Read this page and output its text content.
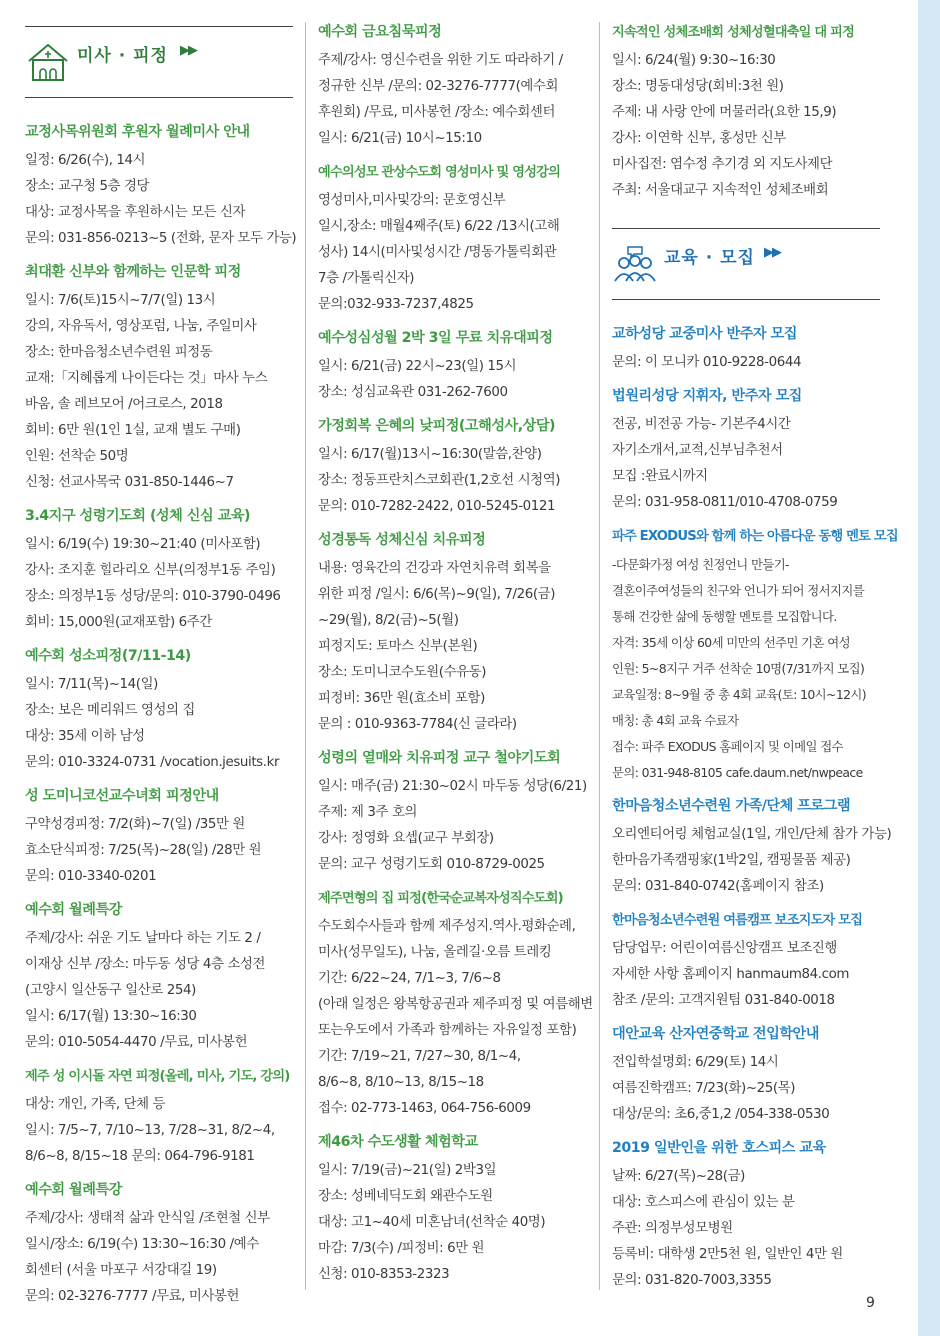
미사 · 피정 ▶▶
교정사목위원회 후원자 월례미사 안내
일정: 6/26(수), 14시
장소: 교구청 5층 경당
대상: 교정사목을 후원하시는 모든 신자
문의: 031-856-0213~5 (전화, 문자 모두 가능)
최대환 신부와 함께하는 인문학 피정
일시: 7/6(토)15시~7/7(일) 13시
강의, 자유독서, 영상포럼, 나눔, 주일미사
장소: 한마음청소년수련원 피정동
교재:「지혜롭게 나이든다는 것」마사 누스
바움, 솔 레브모어 /어크로스, 2018
회비: 6만 원(1인 1실, 교재 별도 구매)
인원: 선착순 50명
신청: 선교사목국 031-850-1446~7
3.4지구 성령기도회 (성체 신심 교육)
일시: 6/19(수) 19:30~21:40 (미사포함)
강사: 조지훈 힐라리오 신부(의정부1동 주임)
장소: 의정부1동 성당/문의: 010-3790-0496
회비: 15,000원(교재포함) 6주간
예수회 성소피정(7/11-14)
일시: 7/11(목)~14(일)
장소: 보은 메리워드 영성의 집
대상: 35세 이하 남성
문의: 010-3324-0731 /vocation.jesuits.kr
성 도미니코선교수녀회 피정안내
구약성경피정: 7/2(화)~7(일) /35만 원
효소단식피정: 7/25(목)~28(일) /28만 원
문의: 010-3340-0201
예수회 월례특강
주제/강사: 쉬운 기도 날마다 하는 기도 2 /
이재상 신부 /장소: 마두동 성당 4층 소성전
(고양시 일산동구 일산로 254)
일시: 6/17(월) 13:30~16:30
문의: 010-5054-4470 /무료, 미사봉헌
제주 성 이시돌 자연 피정(올레, 미사, 기도, 강의)
대상: 개인, 가족, 단체 등
일시: 7/5~7, 7/10~13, 7/28~31, 8/2~4,
8/6~8, 8/15~18 문의: 064-796-9181
예수회 월례특강
주제/강사: 생태적 삶과 안식일 /조현철 신부
일시/장소: 6/19(수) 13:30~16:30 /예수
회센터 (서울 마포구 서강대길 19)
문의: 02-3276-7777 /무료, 미사봉헌
예수회 금요침묵피정
주제/강사: 영신수련을 위한 기도 따라하기 /
정규한 신부 /문의: 02-3276-7777(예수회
후원회) /무료, 미사봉헌 /장소: 예수회센터
일시: 6/21(금) 10시~15:10
예수의성모 관상수도회 영성미사 및 영성강의
영성미사,미사및강의: 문호영신부
일시,장소: 매월4째주(토) 6/22 /13시(고해
성사) 14시(미사및성시간 /명동가톨릭회관
7층 /가톨릭신자)
문의:032-933-7237,4825
예수성심성월 2박 3일 무료 치유대피정
일시: 6/21(금) 22시~23(일) 15시
장소: 성심교육관 031-262-7600
가정회복 은혜의 낮피정(고해성사,상담)
일시: 6/17(월)13시~16:30(말씀,찬양)
장소: 정동프란치스코회관(1,2호선 시청역)
문의: 010-7282-2422, 010-5245-0121
성경통독 성체신심 치유피정
내용: 영육간의 건강과 자연치유력 회복을
위한 피정 /일시: 6/6(목)~9(일), 7/26(금)
~29(월), 8/2(금)~5(월)
피정지도: 토마스 신부(본원)
장소: 도미니코수도원(수유동)
피정비: 36만 원(효소비 포함)
문의 : 010-9363-7784(신 글라라)
성령의 열매와 치유피정 교구 철야기도회
일시: 매주(금) 21:30~02시 마두동 성당(6/21)
주제: 제 3주 호의
강사: 정영화 요셉(교구 부회장)
문의: 교구 성령기도회 010-8729-0025
제주면형의 집 피정(한국순교복자성직수도회)
수도회수사들과 함께 제주성지.역사.평화순례,
미사(성무일도), 나눔, 올레길·오름 트레킹
기간: 6/22~24, 7/1~3, 7/6~8
(아래 일정은 왕복항공권과 제주피정 및 여름해변
또는우도에서 가족과 함께하는 자유일정 포함)
기간: 7/19~21, 7/27~30, 8/1~4,
8/6~8, 8/10~13, 8/15~18
접수: 02-773-1463, 064-756-6009
제46차 수도생활 체험학교
일시: 7/19(금)~21(일) 2박3일
장소: 성베네딕도회 왜관수도원
대상: 고1~40세 미혼남녀(선착순 40명)
마감: 7/3(수) /피정비: 6만 원
신청: 010-8353-2323
지속적인 성체조배회 성체성혈대축일 대 피정
일시: 6/24(월) 9:30~16:30
장소: 명동대성당(회비:3천 원)
주제: 내 사랑 안에 머물러라(요한 15,9)
강사: 이연학 신부, 홍성만 신부
미사집전: 염수정 추기경 외 지도사제단
주최: 서울대교구 지속적인 성체조배회
교육 · 모집 ▶▶
교하성당 교중미사 반주자 모집
문의: 이 모니카 010-9228-0644
법원리성당 지휘자, 반주자 모집
전공, 비전공 가능- 기본주4시간
자기소개서,교적,신부님추천서
모집 :완료시까지
문의: 031-958-0811/010-4708-0759
파주 EXODUS와 함께 하는 아름다운 동행 멘토 모집
-다문화가정 여성 친정언니 만들기-
결혼이주여성들의 친구와 언니가 되어 정서지지를
통해 건강한 삶에 동행할 멘토를 모집합니다.
자격: 35세 이상 60세 미만의 선주민 기혼 여성
인원: 5~8지구 거주 선착순 10명(7/31까지 모집)
교육일정: 8~9월 중 총 4회 교육(토: 10시~12시)
매칭: 총 4회 교육 수료자
접수: 파주 EXODUS 홈페이지 및 이메일 접수
문의: 031-948-8105 cafe.daum.net/nwpeace
한마음청소년수련원 가족/단체 프로그램
오리엔티어링 체험교실(1일, 개인/단체 참가 가능)
한마음가족캠핑家(1박2일, 캠핑물품 제공)
문의: 031-840-0742(홈페이지 참조)
한마음청소년수련원 여름캠프 보조지도자 모집
담당업무: 어린이여름신앙캠프 보조진행
자세한 사항 홈페이지 hanmaum84.com
참조 /문의: 고객지원팀 031-840-0018
대안교육 산자연중학교 전입학안내
전입학설명회: 6/29(토) 14시
여름진학캠프: 7/23(화)~25(목)
대상/문의: 초6,중1,2 /054-338-0530
2019 일반인을 위한 호스피스 교육
날짜: 6/27(목)~28(금)
대상: 호스피스에 관심이 있는 분
주관: 의정부성모병원
등록비: 대학생 2만5천 원, 일반인 4만 원
문의: 031-820-7003,3355
9
